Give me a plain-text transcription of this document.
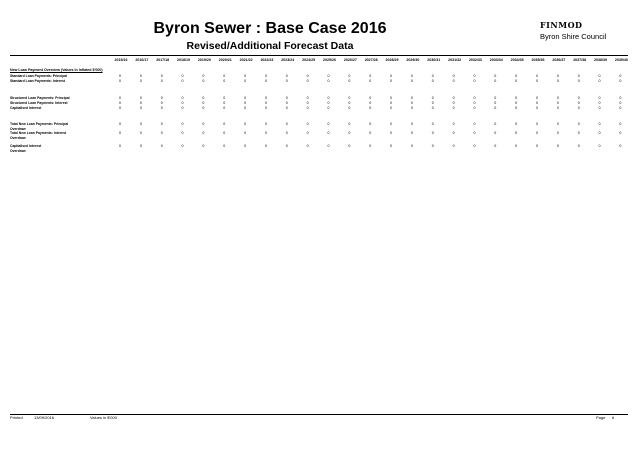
Byron Sewer : Base Case 2016
Revised/Additional Forecast Data
FINMOD
Byron Shire Council
2015/16	2016/17	2017/18	2018/19	2019/20	2020/21	2021/22	2022/23	2023/24	2024/25	2025/26	2026/27	2027/28	2028/29	2029/30	2030/31	2031/32	2032/33	2033/34	2034/35	2035/36	2036/37	2037/38	2038/39	2039/40
New Loan Payment Overview (Values in Inflated $'000)
Standard Loan Payments: Principal	0	0	0	0	0	0	0	0	0	0	0	0	0	0	0	0	0	0	0	0	0	0	0	0	0
Standard Loan Payments: Interest	0	0	0	0	0	0	0	0	0	0	0	0	0	0	0	0	0	0	0	0	0	0	0	0	0
Structured Loan Payments: Principal	0	0	0	0	0	0	0	0	0	0	0	0	0	0	0	0	0	0	0	0	0	0	0	0	0
Structured Loan Payments: Interest	0	0	0	0	0	0	0	0	0	0	0	0	0	0	0	0	0	0	0	0	0	0	0	0	0
Capitalised Interest	0	0	0	0	0	0	0	0	0	0	0	0	0	0	0	0	0	0	0	0	0	0	0	0	0
Total New Loan Payments: Principal	0	0	0	0	0	0	0	0	0	0	0	0	0	0	0	0	0	0	0	0	0	0	0	0	0
Overdraw
Total New Loan Payments: Interest	0	0	0	0	0	0	0	0	0	0	0	0	0	0	0	0	0	0	0	0	0	0	0	0	0
Overdraw
Capitalised Interest	0	0	0	0	0	0	0	0	0	0	0	0	0	0	0	0	0	0	0	0	0	0	0	0	0
Overdraw
Printed	13/09/2016	Values in $'000	Page 6
